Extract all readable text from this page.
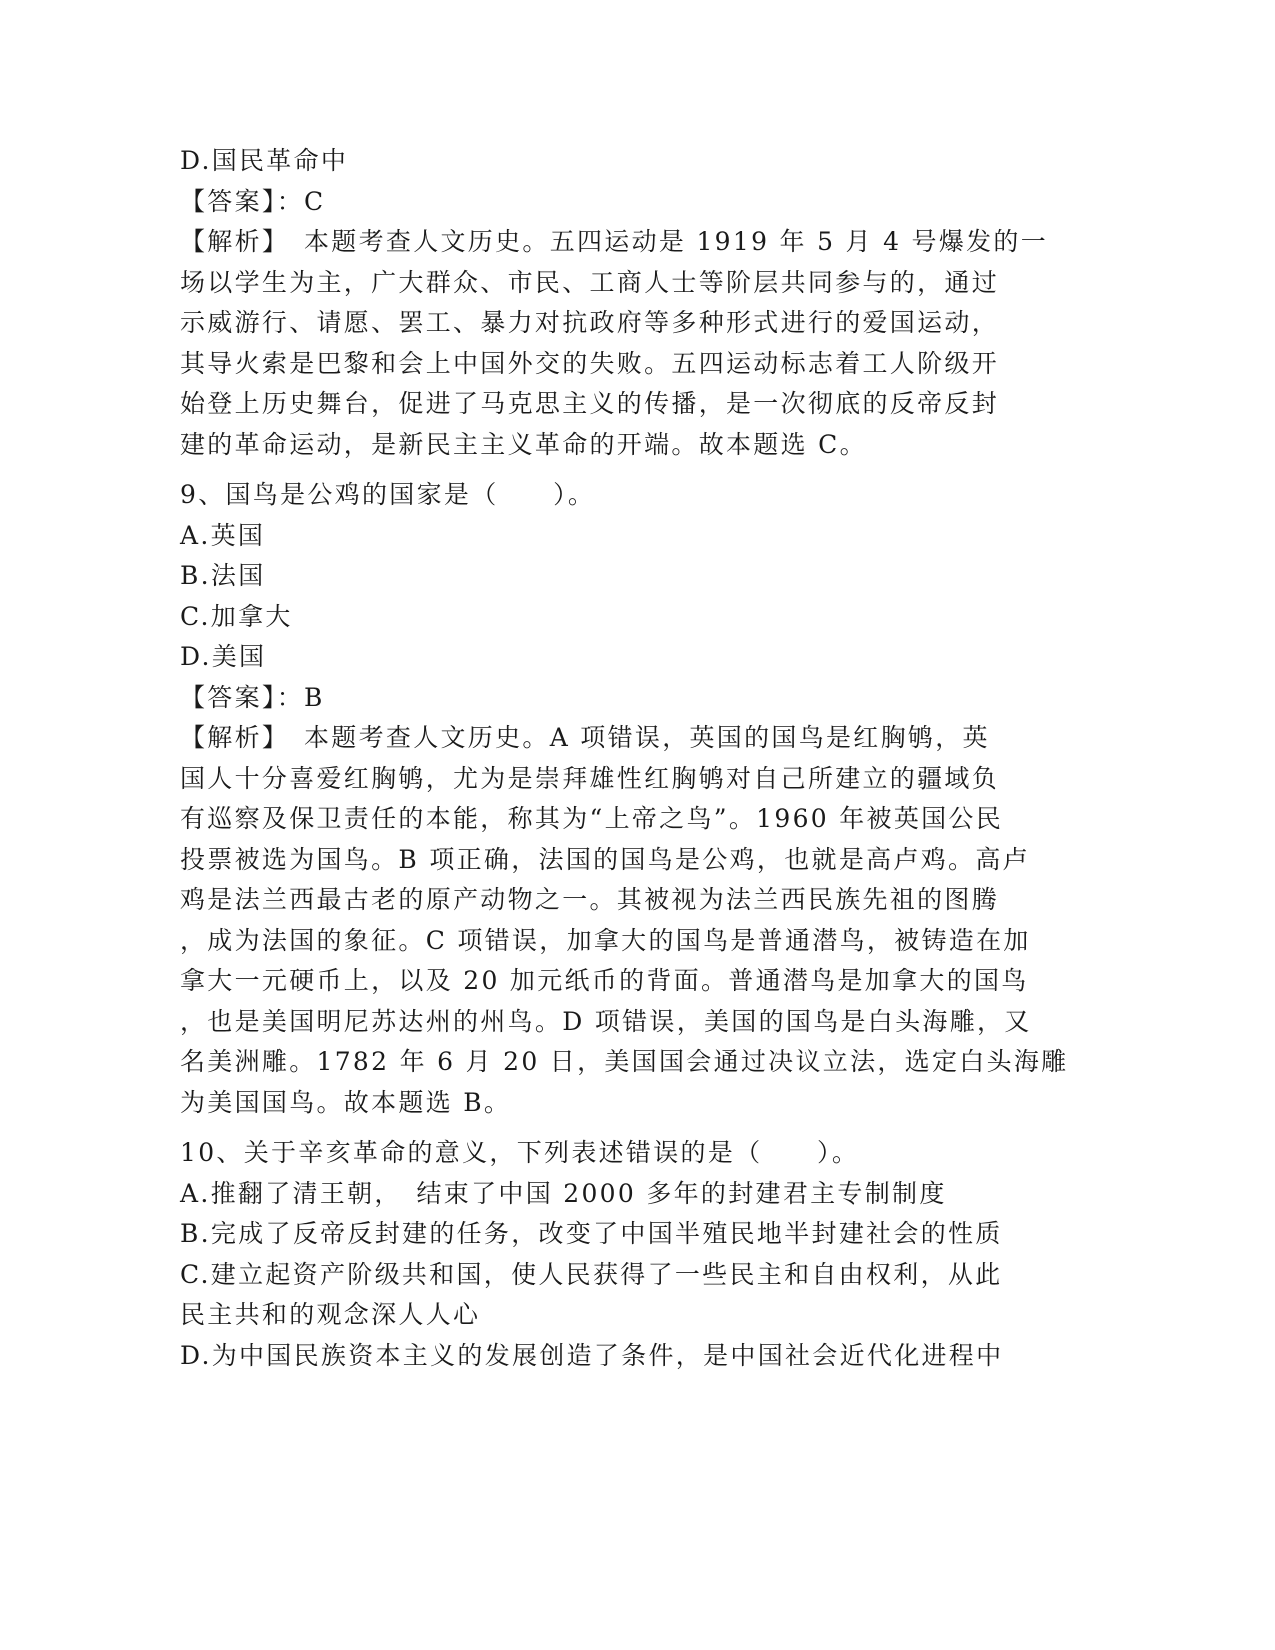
D.国民革命中
【答案】：C
【解析】　本题考查人文历史。五四运动是 1919 年 5 月 4 号爆发的一
场以学生为主，广大群众、市民、工商人士等阶层共同参与的，通过
示威游行、请愿、罢工、暴力对抗政府等多种形式进行的爱国运动，
其导火索是巴黎和会上中国外交的失败。五四运动标志着工人阶级开
始登上历史舞台，促进了马克思主义的传播，是一次彻底的反帝反封
建的革命运动，是新民主主义革命的开端。故本题选 C。
9、国鸟是公鸡的国家是（　　）。
A.英国
B.法国
C.加拿大
D.美国
【答案】：B
【解析】　本题考查人文历史。A 项错误，英国的国鸟是红胸鸲，英
国人十分喜爱红胸鸲，尤为是崇拜雄性红胸鸲对自己所建立的疆域负
有巡察及保卫责任的本能，称其为“上帝之鸟”。1960 年被英国公民
投票被选为国鸟。B 项正确，法国的国鸟是公鸡，也就是高卢鸡。高卢
鸡是法兰西最古老的原产动物之一。其被视为法兰西民族先祖的图腾
，成为法国的象征。C 项错误，加拿大的国鸟是普通潜鸟，被铸造在加
拿大一元硬币上，以及 20 加元纸币的背面。普通潜鸟是加拿大的国鸟
，也是美国明尼苏达州的州鸟。D 项错误，美国的国鸟是白头海雕，又
名美洲雕。1782 年 6 月 20 日，美国国会通过决议立法，选定白头海雕
为美国国鸟。故本题选 B。
10、关于辛亥革命的意义，下列表述错误的是（　　）。
A.推翻了清王朝，　结束了中国 2000 多年的封建君主专制制度
B.完成了反帝反封建的任务，改变了中国半殖民地半封建社会的性质
C.建立起资产阶级共和国，使人民获得了一些民主和自由权利，从此
民主共和的观念深人人心
D.为中国民族资本主义的发展创造了条件，是中国社会近代化进程中
